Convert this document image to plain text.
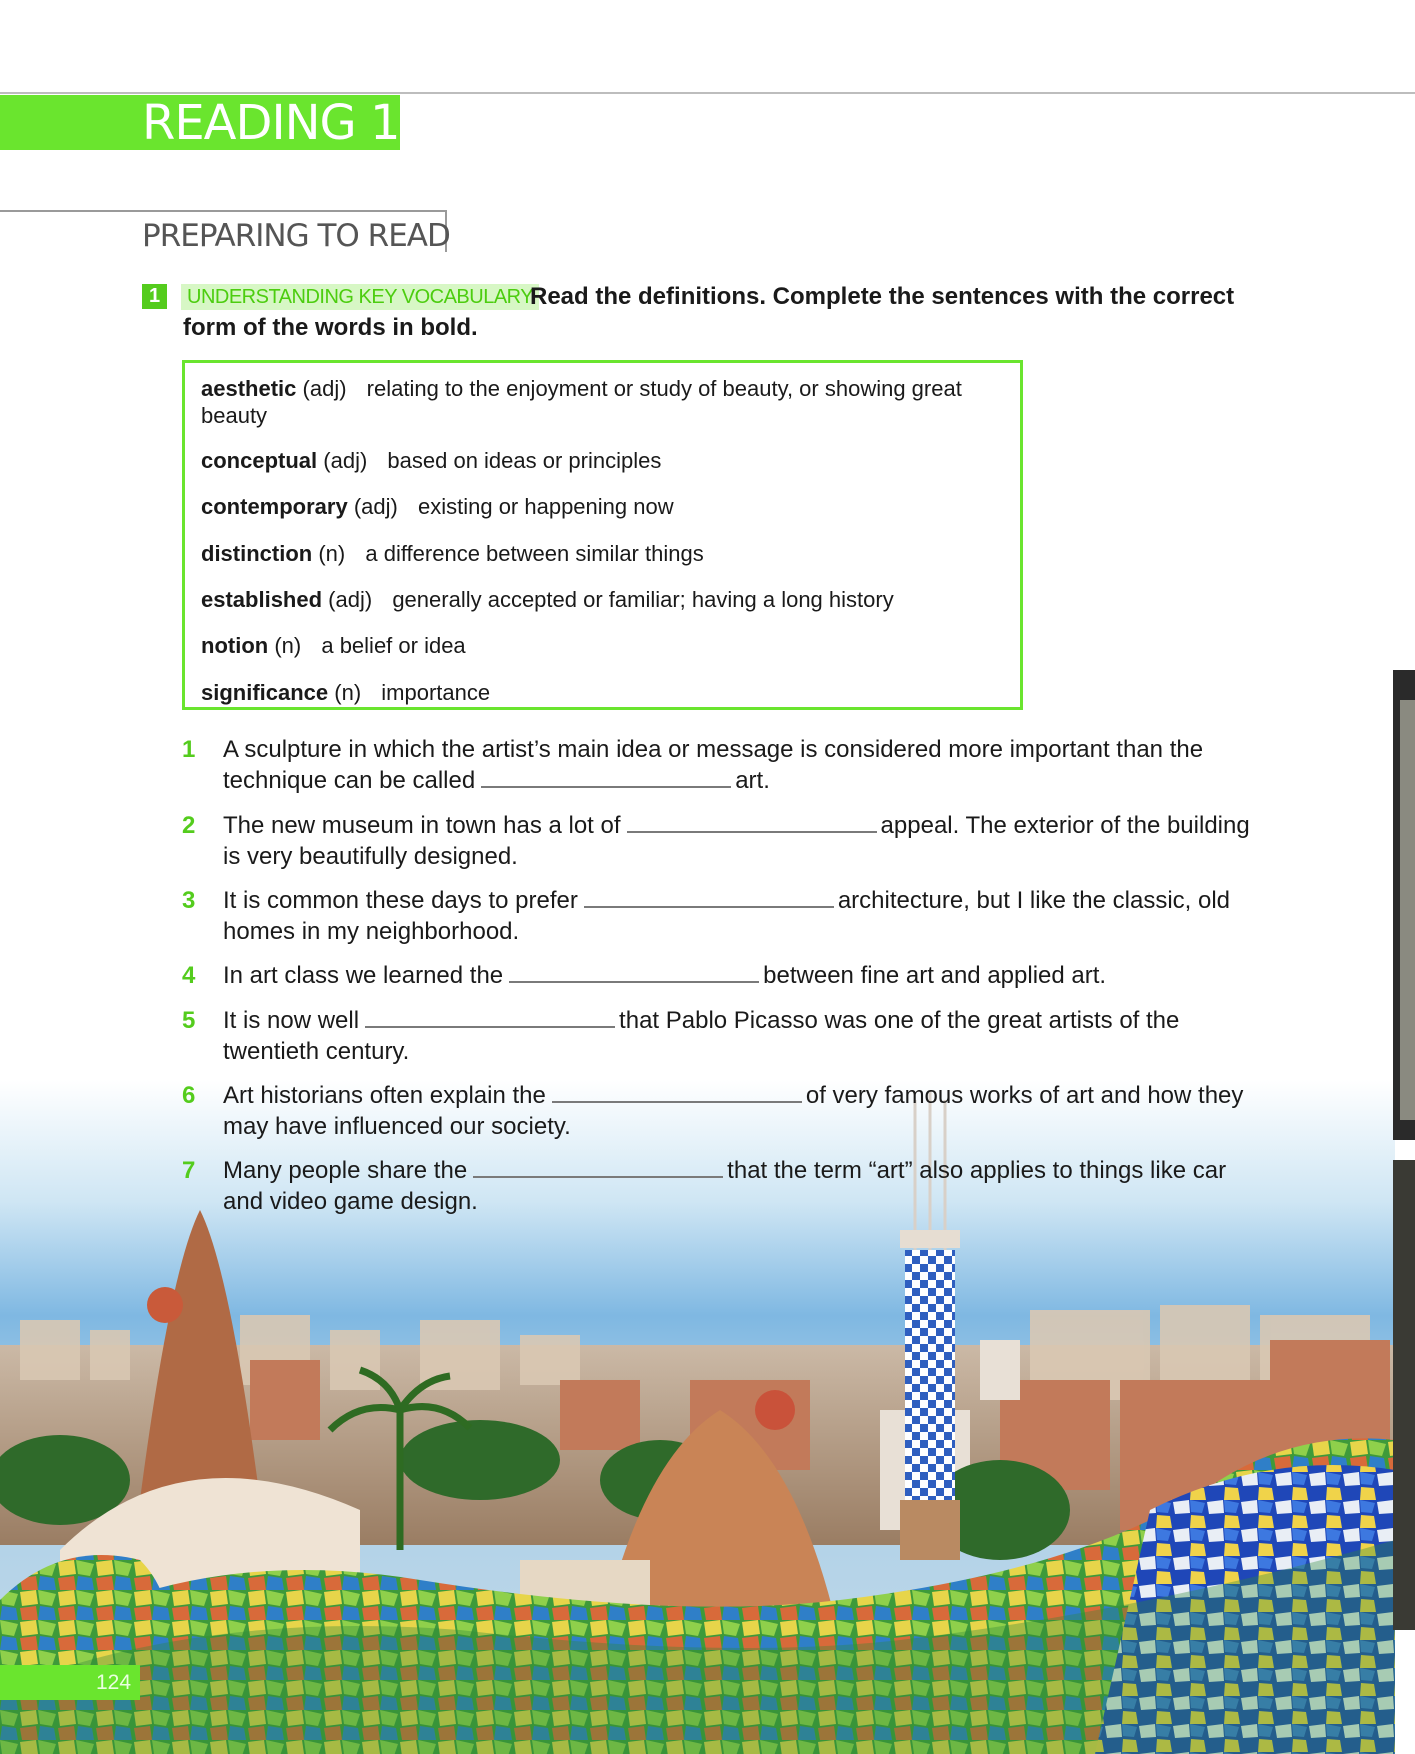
READING 1
PREPARING TO READ
1	UNDERSTANDING KEY VOCABULARY
Read the definitions. Complete the sentences with the correct form of the words in bold.
aesthetic (adj) relating to the enjoyment or study of beauty, or showing great beauty
conceptual (adj) based on ideas or principles
contemporary (adj) existing or happening now
distinction (n) a difference between similar things
established (adj) generally accepted or familiar; having a long history
notion (n) a belief or idea
significance (n) importance
1 A sculpture in which the artist’s main idea or message is considered more important than the technique can be called	art.
2 The new museum in town has a lot of	appeal. The exterior of the building is very beautifully designed.
3 It is common these days to prefer	architecture, but I like the classic, old homes in my neighborhood.
4 In art class we learned the	between fine art and applied art.
5 It is now well	that Pablo Picasso was one of the great artists of the twentieth century.
6 Art historians often explain the	of very famous works of art and how they may have influenced our society.
7 Many people share the	that the term “art” also applies to things like car and video game design.
124
